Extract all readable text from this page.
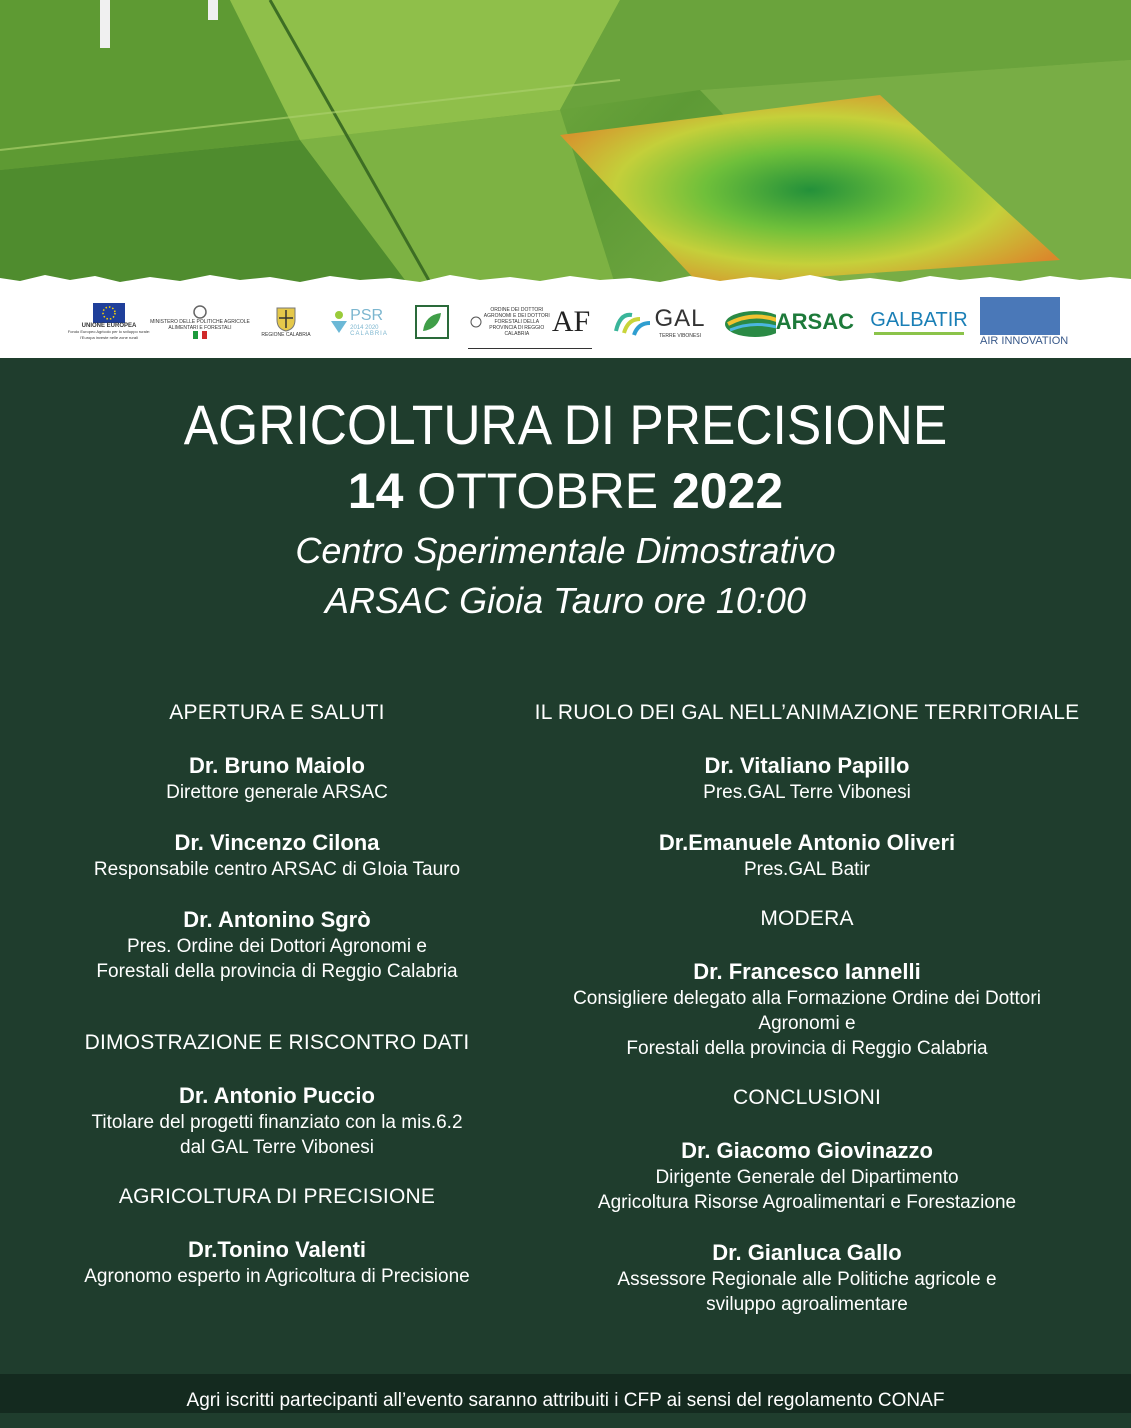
UNIONE EUROPEA
Fondo Europeo Agricolo per lo sviluppo rurale: l'Europa investe nelle zone rurali
MINISTERO DELLE POLITICHE AGRICOLE ALIMENTARI E FORESTALI
REGIONE CALABRIA
PSR
2014 2020
CALABRIA
ORDINE DEI DOTTORI AGRONOMI E DEI DOTTORI FORESTALI DELLA PROVINCIA DI REGGIO CALABRIA AF	GAL
TERRE VIBONESI
ARSAC GALBATIR
AIR INNOVATION
AGRICOLTURA DI PRECISIONE
14 OTTOBRE 2022
Centro Sperimentale Dimostrativo
ARSAC Gioia Tauro ore 10:00
APERTURA E SALUTI
Dr. Bruno Maiolo
Direttore generale ARSAC
Dr. Vincenzo Cilona
Responsabile centro ARSAC di GIoia Tauro
Dr. Antonino Sgrò
Pres. Ordine dei Dottori Agronomi e
Forestali della provincia di Reggio Calabria
DIMOSTRAZIONE E RISCONTRO DATI
Dr. Antonio Puccio
Titolare del progetti finanziato con la mis.6.2
dal GAL Terre Vibonesi
AGRICOLTURA DI PRECISIONE
Dr.Tonino Valenti
Agronomo esperto in Agricoltura di Precisione
IL RUOLO DEI GAL NELL’ANIMAZIONE TERRITORIALE
Dr. Vitaliano Papillo
Pres.GAL Terre Vibonesi
Dr.Emanuele Antonio Oliveri
Pres.GAL Batir
MODERA
Dr. Francesco Iannelli
Consigliere delegato alla Formazione Ordine dei Dottori
Agronomi e
Forestali della provincia di Reggio Calabria
CONCLUSIONI
Dr. Giacomo Giovinazzo
Dirigente Generale del Dipartimento
Agricoltura Risorse Agroalimentari e Forestazione
Dr. Gianluca Gallo
Assessore Regionale alle Politiche agricole e
sviluppo agroalimentare
Agri iscritti partecipanti all’evento saranno attribuiti i CFP ai sensi del regolamento CONAF
